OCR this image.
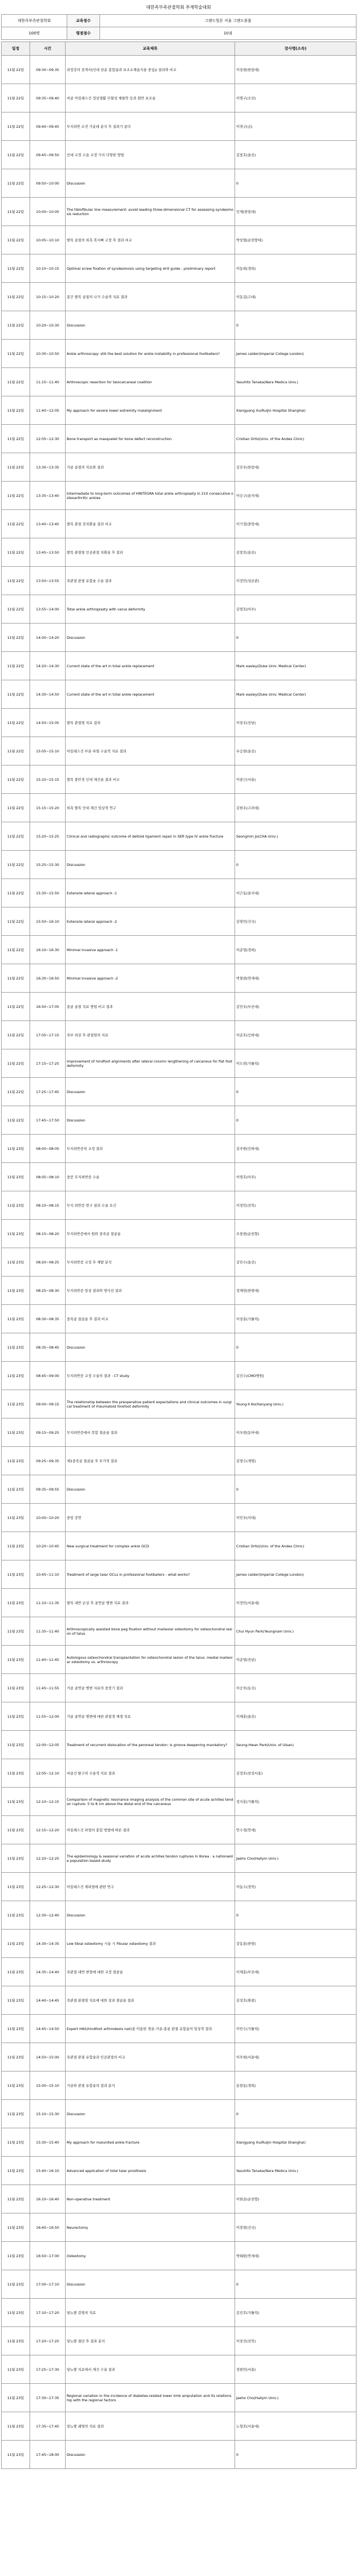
대한족부족관절학회 추계학술대회
대한족부족관절학회	교육점수	그랜드힐튼 서울 그랜드볼룸
100명	평점점수	10점
일정	시간	교육제목	강사명(소속)
11월 22일	09:30~09:35	과정강의 전개서(인대 단순 봉합술과 보조소재술식을 중심)/ 결과와 비교	이상현(한림대)
11월 22일	09:35~09:40	비골 아킬레스건 정상생활 무혈성 체물학 등과 회반 보조술	이명구(조선)
11월 22일	09:40~09:45	무지외반 소견 가운데 분석 후 결과가 종다	이경구(금)
11월 22일	09:45~09:50	인대 교정 수술 교정 가지 다양한 방법	김창호(울산)
11월 22일	09:50~10:00	Discussion	0
11월 22일	10:00~10:05	The tibiofibular line measurement: avoid leading three-dimensional CT for assessing syndesmosis reduction	인제(한림대)
11월 22일	10:05~10:10	발목 골절의 외측 복사뼈 고정 후 결과 비교	박상협(순천향대)
11월 22일	10:10~10:15	Optimal screw fixation of syndesmosis using targeting drill guide : preliminary report	이동희(경희)
11월 22일	10:15~10:20	종간 발목 골절의 나가 수술적 치료 결과	이동길(고대)
11월 22일	10:20~10:30	Discussion	0
11월 22일	10:30~10:50	Ankle arthroscopy: still the best solution for ankle instability in professional footballers?	James calder(Imperial College London)
11월 22일	11:15~11:40	Arthroscopic resection for talocalcaneal coalition	Yasuhito Tanaka(Nara Medica Univ.)
11월 22일	11:40~12:05	My approach for severe lower extremity malalignment	Xiangyang Xu(Ruijin Hospital Shanghai)
11월 22일	12:05~12:30	Bone transport as masquelet for bone defect reconstruction	Cristian Ortiz(Univ. of the Andes Clinic)
11월 22일	13:30~13:35	거골 골절의 치료와 결과	김진우(한림대)
11월 22일	13:35~13:40	Intermediate to long-term outcomes of HINTEGRA total ankle arthroplasty in 210 consecutive osteoarthritic ankles	이승구(을지대)
11월 22일	13:40~13:45	발목 관절 전치환술 결과 비교	이기정(중앙대)
11월 22일	13:45~13:50	발목 관절염 인공관절 치환술 후 결과	김창호(울산)
11월 22일	13:50~13:55	족관절 관절 유합술 수술 결과	이정민(성균관)
11월 22일	13:55~14:00	Total ankle arthroplasty with varus deformity	김영호(아주)
11월 22일	14:00~14:20	Discussion	0
11월 22일	14:20~14:30	Current state of the art in total ankle replacement	Mark easley(Duke Univ. Medical Center)
11월 22일	14:30~14:50	Current state of the art in total ankle replacement	Mark easley(Duke Univ. Medical Center)
11월 22일	14:50~15:05	발목 관절염 치료 결과	이상우(전남)
11월 22일	15:05~15:10	아킬레스건 부분 파열 수술적 치료 결과	우승현(울산)
11월 22일	15:10~15:15	발목 불안정 인대 재건술 결과 비교	이광근(서울)
11월 22일	15:15~15:20	외측 발목 인대 재건 임상적 연구	김현우(고려대)
11월 22일	15:20~15:25	Clinical and radiographic outcome of deltoid ligament repair in SER type IV ankle fracture	Seongmin Jo(CHA Univ.)
11월 22일	15:25~15:30	Discussion	0
11월 22일	15:30~15:50	Extensile lateral approach -1	이근동(을지대)
11월 22일	15:50~16:10	Extensile lateral approach -2	김영민(건국)
11월 22일	16:10~16:30	Minimal invasive approach -1	이준형(경희)
11월 22일	16:30~16:50	Minimal invasive approach -2	박철현(연세대)
11월 22일	16:50~17:05	종골 골절 치료 방법 비교 결과	김민우(부산대)
11월 22일	17:05~17:15	족부 외상 후 관절염의 치료	이준호(인하대)
11월 22일	17:15~17:25	Improvement of hindfoot alignments after lateral column lengthening of calcaneus for flat foot deformity	이도헌(가톨릭)
11월 22일	17:25~17:45	Discussion	0
11월 22일	17:45~17:50	Discussion	0
11월 23일	08:00~08:05	무지외반증의 교정 결과	김주원(인하대)
11월 23일	08:05~08:10	중증 무지외반증 수술	이영호(아주)
11월 23일	08:10~08:15	무지 외반증 연구 결과 수술 요건	이정민(전북)
11월 23일	08:15~08:20	무지외반증에서 원위 중족골 절골술	오창현(순천향)
11월 23일	08:20~08:25	무지외반증 교정 후 재발 분석	김민수(울산)
11월 23일	08:25~08:30	무지외반증 임상 결과와 방사선 결과	정재헌(한양대)
11월 23일	08:30~08:35	중족골 절골술 후 결과 비교	이상훈(가톨릭)
11월 23일	08:35~08:45	Discussion	0
11월 23일	08:45~09:00	무지외반증 교정 수술의 결과 : CT study	김진수(CMO병원)
11월 23일	09:00~09:15	The relationship between the preoperative patient expectations and clinical outcomes in surgical treatment of rheumatoid forefoot deformity	Young-Il Ko(Hanyang Univ.)
11월 23일	09:15~09:25	무지외반증에서 복합 절골술 결과	이우현(동아대)
11월 23일	09:25~09:35	제1중족골 절골술 후 부가적 결과	김영수(계명)
11월 23일	09:35~09:55	Discussion	0
11월 23일	10:00~10:20	중앙 강연	이민우(이대)
11월 23일	10:20~10:45	New surgical treatment for complex ankle OCD	Cristian Ortiz(Univ. of the Andes Clinic)
11월 23일	10:45~11:10	Treatment of large talar OCLs in professional footballers - what works?	James calder(Imperial College London)
11월 23일	11:10~11:35	발목 내반 손상 후 골연골 병변 치료 결과	이정민(서울대)
11월 23일	11:35~11:40	Arthroscopically assisted bone peg fixation without malleolar osteotomy for osteochondral lesion of talus	Chul Hyun Park(Yeungnam Univ.)
11월 23일	11:40~11:45	Autologous osteochondral transplantation for osteochondral lesion of the talus: medial malleolar osteotomy vs. arthroscopy	이준영(전남)
11월 23일	11:45~11:55	거골 골연골 병변 치료의 중장기 결과	이승욱(동국)
11월 23일	11:55~12:00	거골 골연골 병변에 대한 관절경 재생 치료	이재훈(울산)
11월 23일	12:00~12:05	Treatment of recurrent dislocation of the peroneal tendon: is groove deepening mandatory?	Seung-Hwan Park(Univ. of Ulsan)
11월 23일	12:05~12:10	비골건 탈구의 수술적 치료 결과	김정호(삼성서울)
11월 23일	12:10~12:15	Comparison of magnetic resonance imaging analysis of the common site of acute achilles tendon rupture: 5 to 8 cm above the distal end of the calcaneus	정지훈(가톨릭)
11월 23일	12:15~12:20	아킬레스건 파열의 봉합 방법에 따른 결과	안수경(연세)
11월 23일	12:20~12:25	The epidemiology & seasonal variation of acute achilles tendon ruptures in Korea : a nationwide population based study	Jaeho Cho(Hallym Univ.)
11월 23일	12:25~12:30	아킬레스건 재파열에 관한 연구	이동수(경북)
11월 23일	12:30~12:40	Discussion	0
11월 23일	14:30~14:35	Low tibial osteotomy 시술 시 Fibular osteotomy 결과	강동훈(한양)
11월 23일	14:35~14:40	족관절 내반 변형에 대한 교정 절골술	이재훈(부산대)
11월 23일	14:40~14:45	족관절 관절염 치료에 대한 상과 절골술 결과	김성호(원광)
11월 23일	14:45~14:50	Expert HAS(hindfoot arthrodesis nail)을 이용한 경골-거골-종골 관절 유합술의 임상적 결과	이민수(가톨릭)
11월 23일	14:50~15:00	족관절 관절 유합술과 인공관절의 비교	이주현(서울대)
11월 23일	15:00~15:10	거골하 관절 유합술의 결과 분석	송현동(경희)
11월 23일	15:10~15:30	Discussion	0
11월 23일	15:30~15:40	My approach for malunited ankle fracture	Xiangyang Xu(Ruijin Hospital Shanghai)
11월 23일	15:40~16:10	Advanced application of total talar prosthesis	Yasuhito Tanaka(Nara Medica Univ.)
11월 23일	16:10~16:40	Non-operative treatment	이현준(순천향)
11월 23일	16:40~16:50	Neurectomy	이장현(건국)
11월 23일	16:50~17:00	Osteotomy	박태완(연세대)
11월 23일	17:00~17:10	Discussion	0
11월 23일	17:10~17:20	당뇨발 감염의 치료	김진호(가톨릭)
11월 23일	17:20~17:25	당뇨발 절단 후 결과 분석	이상진(전북)
11월 23일	17:25~17:30	당뇨발 치료에서 재건 수술 결과	정현민(서울)
11월 23일	17:30~17:35	Regional variation in the incidence of diabetes-related lower limb amputation and its relationship with the regional factors	Jaeho Cho(Hallym Univ.)
11월 23일	17:35~17:45	당뇨발 궤양의 치료 결과	노형호(서울대)
11월 23일	17:45~18:00	Discussion	0
